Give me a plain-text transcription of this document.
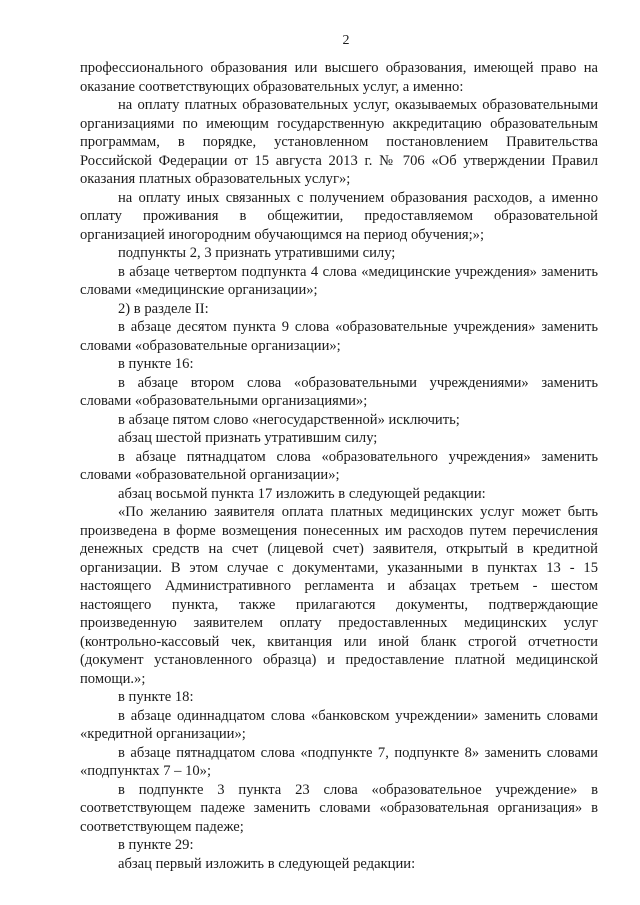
2

профессионального образования или высшего образования, имеющей право на оказание соответствующих образовательных услуг, а именно:

на оплату платных образовательных услуг, оказываемых образовательными организациями по имеющим государственную аккредитацию образовательным программам, в порядке, установленном постановлением Правительства Российской Федерации от 15 августа 2013 г. № 706 «Об утверждении Правил оказания платных образовательных услуг»;

на оплату иных связанных с получением образования расходов, а именно оплату проживания в общежитии, предоставляемом образовательной организацией иногородним обучающимся на период обучения;»;

подпункты 2, 3 признать утратившими силу;

в абзаце четвертом подпункта 4 слова «медицинские учреждения» заменить словами «медицинские организации»;

2) в разделе II:

в абзаце десятом пункта 9 слова «образовательные учреждения» заменить словами «образовательные организации»;

в пункте 16:

в абзаце втором слова «образовательными учреждениями» заменить словами «образовательными организациями»;

в абзаце пятом слово «негосударственной» исключить;

абзац шестой признать утратившим силу;

в абзаце пятнадцатом слова «образовательного учреждения» заменить словами «образовательной организации»;

абзац восьмой пункта 17 изложить в следующей редакции:

«По желанию заявителя оплата платных медицинских услуг может быть произведена в форме возмещения понесенных им расходов путем перечисления денежных средств на счет (лицевой счет) заявителя, открытый в кредитной организации. В этом случае с документами, указанными в пунктах 13 - 15 настоящего Административного регламента и абзацах третьем - шестом настоящего пункта, также прилагаются документы, подтверждающие произведенную заявителем оплату предоставленных медицинских услуг (контрольно-кассовый чек, квитанция или иной бланк строгой отчетности (документ установленного образца) и предоставление платной медицинской помощи.»;

в пункте 18:

в абзаце одиннадцатом слова «банковском учреждении» заменить словами «кредитной организации»;

в абзаце пятнадцатом слова «подпункте 7, подпункте 8» заменить словами «подпунктах 7 – 10»;

в подпункте 3 пункта 23 слова «образовательное учреждение» в соответствующем падеже заменить словами «образовательная организация» в соответствующем падеже;

в пункте 29:

абзац первый изложить в следующей редакции:
